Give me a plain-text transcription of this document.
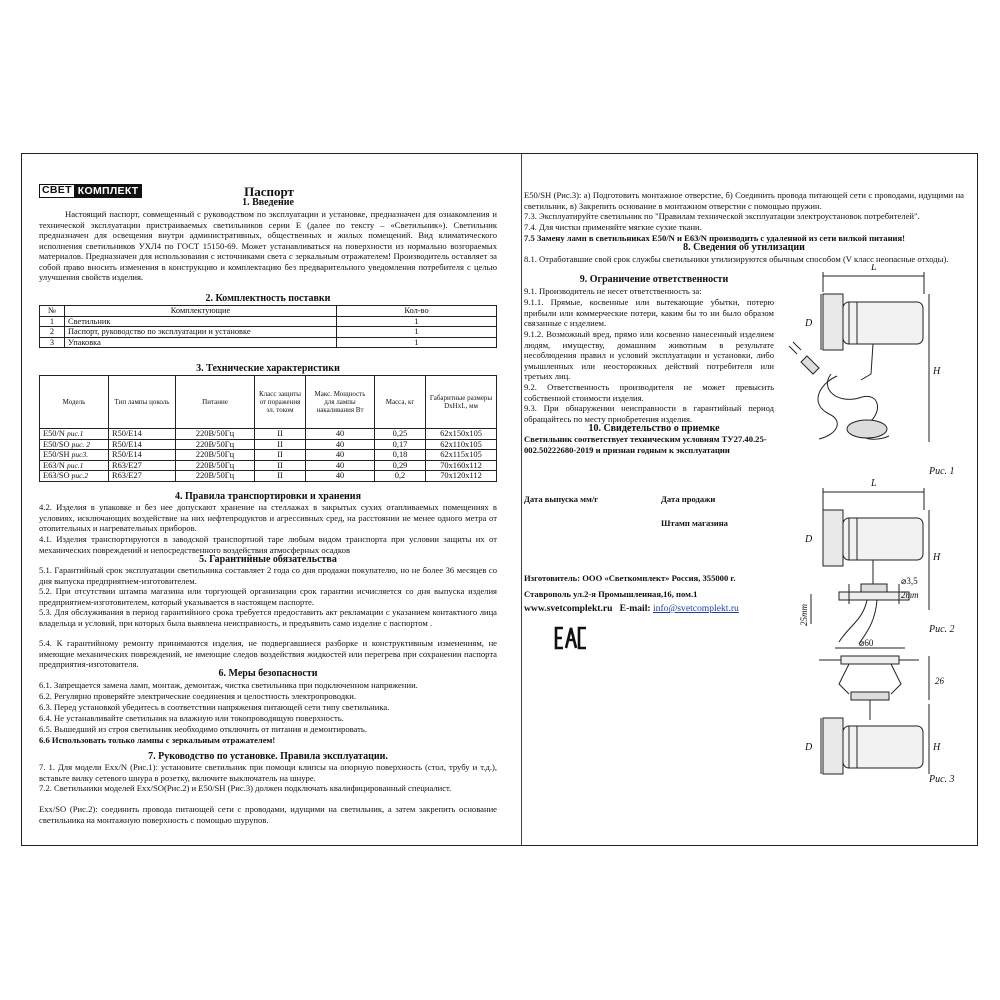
СВЕТ КОМПЛЕКТ	Паспорт
1. Введение
Настоящий паспорт, совмещенный с руководством по эксплуатации и установке, предназначен для ознакомления и технической эксплуатации пристраиваемых светильников серии Е (далее по тексту – «Светильник»). Светильник предназначен для освещения внутри административных, общественных и жилых помещений. Вид климатического исполнения светильников УХЛ4 по ГОСТ 15150-69. Может устанавливаться на поверхности из нормально возгораемых материалов. Предназначен для использования с источниками света с зеркальным отражателем! Производитель оставляет за собой право вносить изменения в конструкцию и комплектацию без предварительного уведомления потребителя с целью улучшения свойств изделия.
2. Комплектность поставки
№	Комплектующие	Кол-во
1	Светильник	1
2	Паспорт, руководство по эксплуатации и установке	1
3	Упаковка	1
3. Технические характеристики
Модель	Тип лампы цоколь	Питание	Класс защиты от поражения эл. током	Макс. Мощность для лампы накаливания Вт	Масса, кг	Габаритные размеры DxHxL, мм
E50/N рис.1	R50/E14	220В/50Гц	II	40	0,25	62x150x105
E50/SO рис. 2	R50/E14	220В/50Гц	II	40	0,17	62x110x105
E50/SH рис3.	R50/E14	220В/50Гц	II	40	0,18	62x115x105
E63/N рис.1	R63/E27	220В/50Гц	II	40	0,29	70x160x112
E63/SO рис.2	R63/E27	220В/50Гц	II	40	0,2	70x120x112
4. Правила транспортировки и хранения
4.2. Изделия в упаковке и без нее допускают хранение на стеллажах в закрытых сухих отапливаемых помещениях в условиях, исключающих воздействие на них нефтепродуктов и агрессивных сред, на расстоянии не менее одного метра от отопительных и нагревательных приборов.
4.1. Изделия транспортируются в заводской транспортной таре любым видом транспорта при условии защиты их от механических повреждений и непосредственного воздействия атмосферных осадков
5. Гарантийные обязательства
5.1. Гарантийный срок эксплуатации светильника составляет 2 года со дня продажи покупателю, но не более 36 месяцев со дня выпуска предприятием-изготовителем.
5.2. При отсутствии штампа магазина или торгующей организации срок гарантии исчисляется со дня выпуска изделия предприятием-изготовителем, который указывается в настоящем паспорте.
5.3. Для обслуживания в период гарантийного срока требуется предоставить акт рекламации с указанием контактного лица владельца и условий, при которых была выявлена неисправность, и предъявить само изделие с паспортом .
5.4. К гарантийному ремонту принимаются изделия, не подвергавшиеся разборке и конструктивным изменениям, не имеющие механических повреждений, не имеющие следов воздействия жидкостей или перегрева при сохранении паспорта предприятия-изготовителя.
6. Меры безопасности
6.1. Запрещается замена ламп, монтаж, демонтаж, чистка светильника при подключенном напряжении.
6.2. Регулярно проверяйте электрические соединения и целостность электропроводки.
6.3. Перед установкой убедитесь в соответствии напряжения питающей сети типу светильника.
6.4. Не устанавливайте светильник на влажную или токопроводящую поверхность.
6.5. Вышедший из строя светильник необходимо отключить от питания и демонтировать.
6.6 Использовать только лампы с зеркальным отражателем!
7. Руководство по установке. Правила эксплуатации.
7. 1. Для модели Exx/N (Рис.1): установите светильник при помощи клипсы на опорную поверхность (стол, трубу и т.д.), вставьте вилку сетевого шнура в розетку, включите выключатель на шнуре.
7.2. Светильники моделей Exx/SO(Рис.2) и E50/SH (Рис.3) должен подключать квалифицированный специалист.
Exx/SO (Рис.2): соединить провода питающей сети с проводами, идущими на светильник, а затем закрепить основание светильника на монтажную поверхность с помощью шурупов.
E50/SH (Рис.3): а) Подготовить монтажное отверстие, б) Соединить провода питающей сети с проводами, идущими на светильник, в) Закрепить основание в монтажном отверстии с помощью пружин.
7.3. Эксплуатируйте светильник по "Правилам технической эксплуатации электроустановок потребителей".
7.4. Для чистки применяйте мягкие сухие ткани.
7.5 Замену ламп в светильниках E50/N и E63/N производить с удаленной из сети вилкой питания!
8. Сведения об утилизации
8.1. Отработавшие свой срок службы светильники утилизируются обычным способом (V класс неопасные отходы).
9. Ограничение ответственности
9.1. Производитель не несет ответственность за:
9.1.1. Прямые, косвенные или вытекающие убытки, потерю прибыли или коммерческие потери, каким бы то ни было образом связанные с изделием.
9.1.2. Возможный вред, прямо или косвенно нанесенный изделием людям, имуществу, домашним животным в результате несоблюдения правил и условий эксплуатации и установки, либо умышленных или неосторожных действий потребителя или третьих лиц.
9.2. Ответственность производителя не может превысить собственной стоимости изделия.
9.3. При обнаружении неисправности в гарантийный период обращайтесь по месту приобретения изделия.
10. Свидетельство о приемке
Светильник соответствует техническим условиям ТУ27.40.25-002.50222680-2019 и признан годным к эксплуатации
Дата выпуска мм/г	Дата продажи
Штамп магазина
Изготовитель: ООО «Светкомплект» Россия, 355000 г.
Ставрополь ул.2-я Промышленная,16, пом.1
www.svetcomplekt.ru E-mail: info@svetcomplekt.ru
L
D
H
Рис. 1
L
D
H
⌀3,5
2mm
25mm
Рис. 2
⌀60
26
D	H
Рис. 3
